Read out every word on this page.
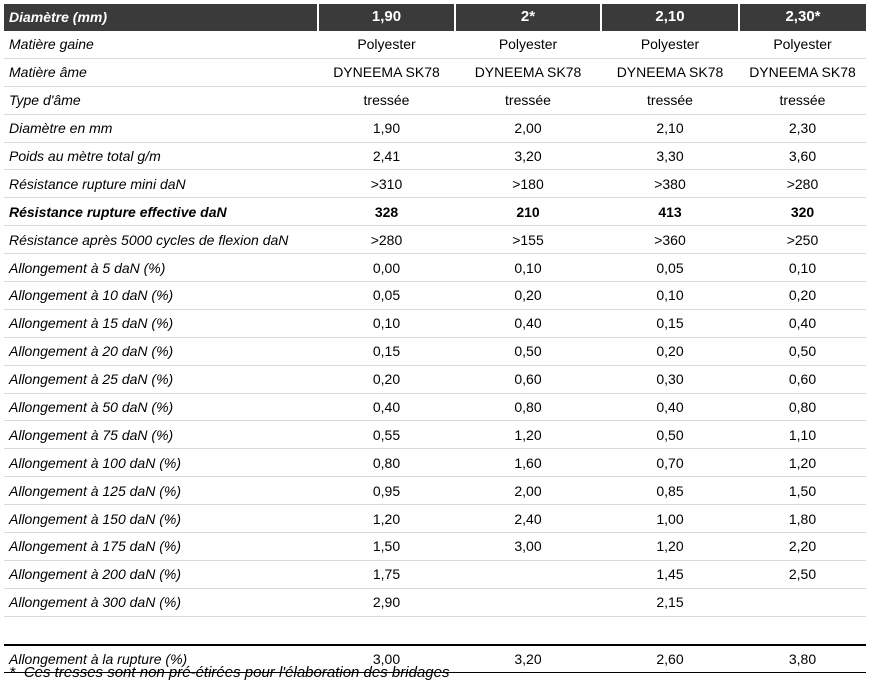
Diamètre (mm)	1,90	2*	2,10	2,30*
Matière gaine	Polyester	Polyester	Polyester	Polyester
Matière âme	DYNEEMA SK78	DYNEEMA SK78	DYNEEMA SK78	DYNEEMA SK78
Type d'âme	tressée	tressée	tressée	tressée
Diamètre en mm	1,90	2,00	2,10	2,30
Poids au mètre total g/m	2,41	3,20	3,30	3,60
Résistance rupture mini daN	>310	>180	>380	>280
Résistance rupture effective daN	328	210	413	320
Résistance après 5000 cycles de flexion daN	>280	>155	>360	>250
Allongement à 5 daN (%)	0,00	0,10	0,05	0,10
Allongement à 10 daN (%)	0,05	0,20	0,10	0,20
Allongement à 15 daN (%)	0,10	0,40	0,15	0,40
Allongement à 20 daN (%)	0,15	0,50	0,20	0,50
Allongement à 25 daN (%)	0,20	0,60	0,30	0,60
Allongement à 50 daN (%)	0,40	0,80	0,40	0,80
Allongement à 75 daN (%)	0,55	1,20	0,50	1,10
Allongement à 100 daN (%)	0,80	1,60	0,70	1,20
Allongement à 125 daN (%)	0,95	2,00	0,85	1,50
Allongement à 150 daN (%)	1,20	2,40	1,00	1,80
Allongement à 175 daN (%)	1,50	3,00	1,20	2,20
Allongement à 200 daN (%)	1,75		1,45	2,50
Allongement à 300 daN (%)	2,90		2,15	

Allongement à la rupture (%)	3,00	3,20	2,60	3,80
* Ces tresses sont non pré-étirées pour l'élaboration des bridages
